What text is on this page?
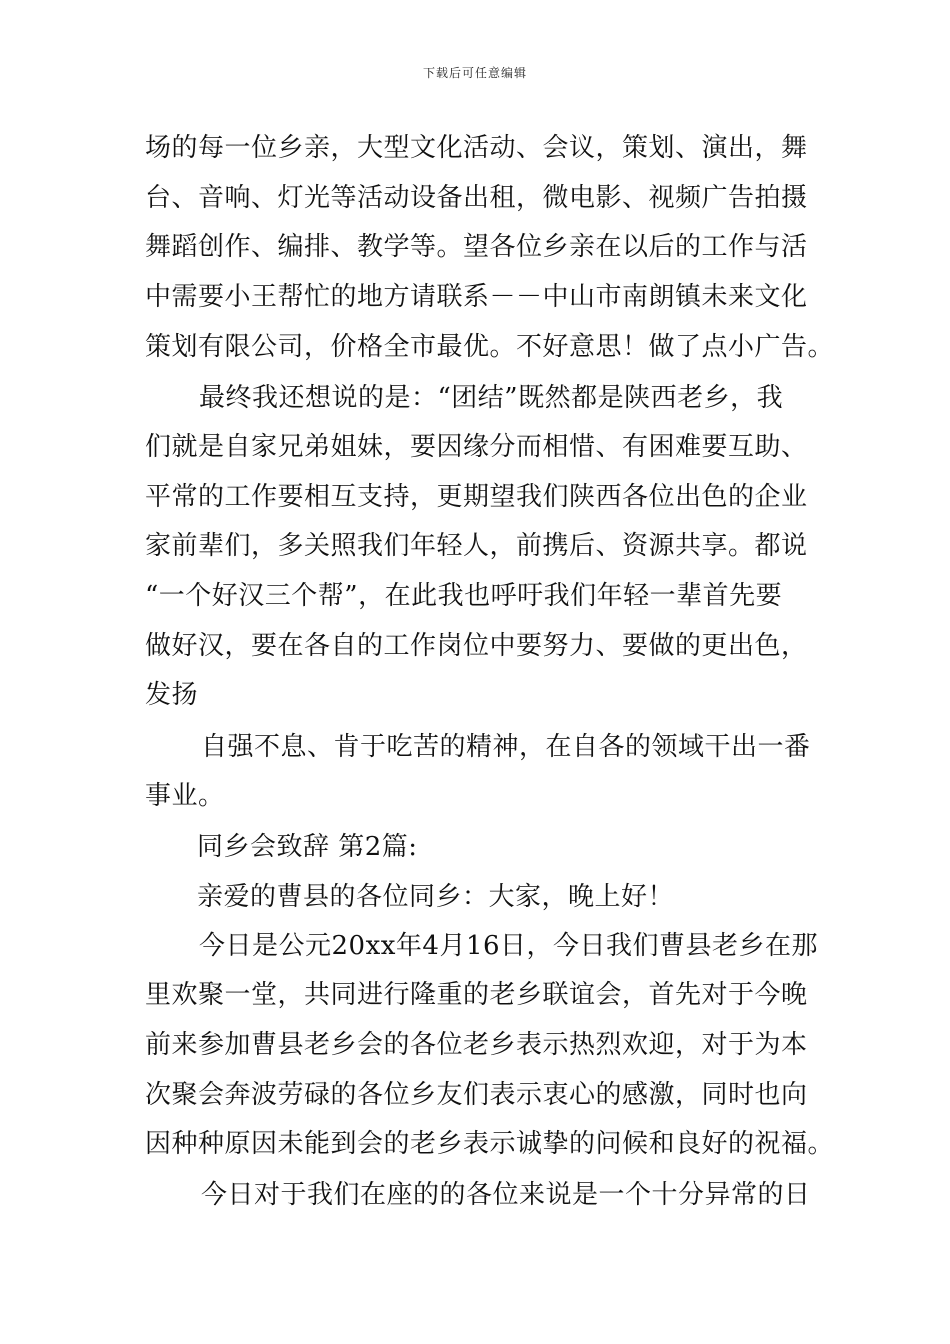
下载后可任意编辑
场的每一位乡亲，大型文化活动、会议，策划、演出，舞
台、音响、灯光等活动设备出租，微电影、视频广告拍摄
舞蹈创作、编排、教学等。望各位乡亲在以后的工作与活
中需要小王帮忙的地方请联系－－中山市南朗镇未来文化
策划有限公司，价格全市最优。不好意思！做了点小广告。
最终我还想说的是：“团结”既然都是陕西老乡，我
们就是自家兄弟姐妹，要因缘分而相惜、有困难要互助、
平常的工作要相互支持，更期望我们陕西各位出色的企业
家前辈们，多关照我们年轻人，前携后、资源共享。都说
“一个好汉三个帮”，在此我也呼吁我们年轻一辈首先要
做好汉，要在各自的工作岗位中要努力、要做的更出色，
发扬
自强不息、肯于吃苦的精神，在自各的领域干出一番
事业。
同乡会致辞 第2篇:
亲爱的曹县的各位同乡：大家，晚上好！
今日是公元20xx年4月16日，今日我们曹县老乡在那
里欢聚一堂，共同进行隆重的老乡联谊会，首先对于今晚
前来参加曹县老乡会的各位老乡表示热烈欢迎，对于为本
次聚会奔波劳碌的各位乡友们表示衷心的感激，同时也向
因种种原因未能到会的老乡表示诚挚的问候和良好的祝福。
今日对于我们在座的的各位来说是一个十分异常的日
